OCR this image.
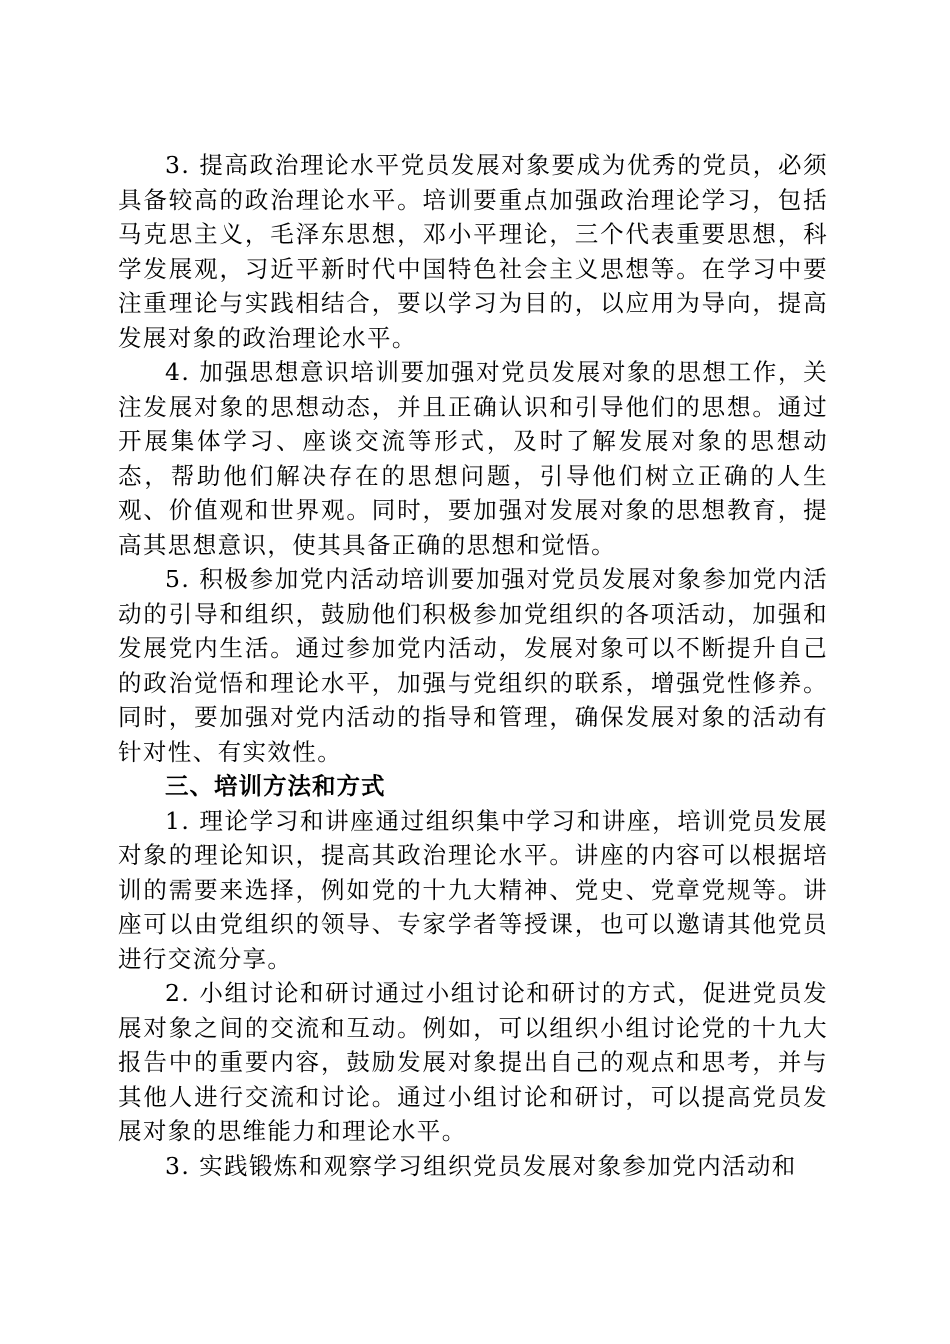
3. 提高政治理论水平党员发展对象要成为优秀的党员，必须具备较高的政治理论水平。培训要重点加强政治理论学习，包括马克思主义，毛泽东思想，邓小平理论，三个代表重要思想，科学发展观，习近平新时代中国特色社会主义思想等。在学习中要注重理论与实践相结合，要以学习为目的，以应用为导向，提高发展对象的政治理论水平。

4. 加强思想意识培训要加强对党员发展对象的思想工作，关注发展对象的思想动态，并且正确认识和引导他们的思想。通过开展集体学习、座谈交流等形式，及时了解发展对象的思想动态，帮助他们解决存在的思想问题，引导他们树立正确的人生观、价值观和世界观。同时，要加强对发展对象的思想教育，提高其思想意识，使其具备正确的思想和觉悟。

5. 积极参加党内活动培训要加强对党员发展对象参加党内活动的引导和组织，鼓励他们积极参加党组织的各项活动，加强和发展党内生活。通过参加党内活动，发展对象可以不断提升自己的政治觉悟和理论水平，加强与党组织的联系，增强党性修养。同时，要加强对党内活动的指导和管理，确保发展对象的活动有针对性、有实效性。

三、培训方法和方式

1. 理论学习和讲座通过组织集中学习和讲座，培训党员发展对象的理论知识，提高其政治理论水平。讲座的内容可以根据培训的需要来选择，例如党的十九大精神、党史、党章党规等。讲座可以由党组织的领导、专家学者等授课，也可以邀请其他党员进行交流分享。

2. 小组讨论和研讨通过小组讨论和研讨的方式，促进党员发展对象之间的交流和互动。例如，可以组织小组讨论党的十九大报告中的重要内容，鼓励发展对象提出自己的观点和思考，并与其他人进行交流和讨论。通过小组讨论和研讨，可以提高党员发展对象的思维能力和理论水平。

3. 实践锻炼和观察学习组织党员发展对象参加党内活动和
